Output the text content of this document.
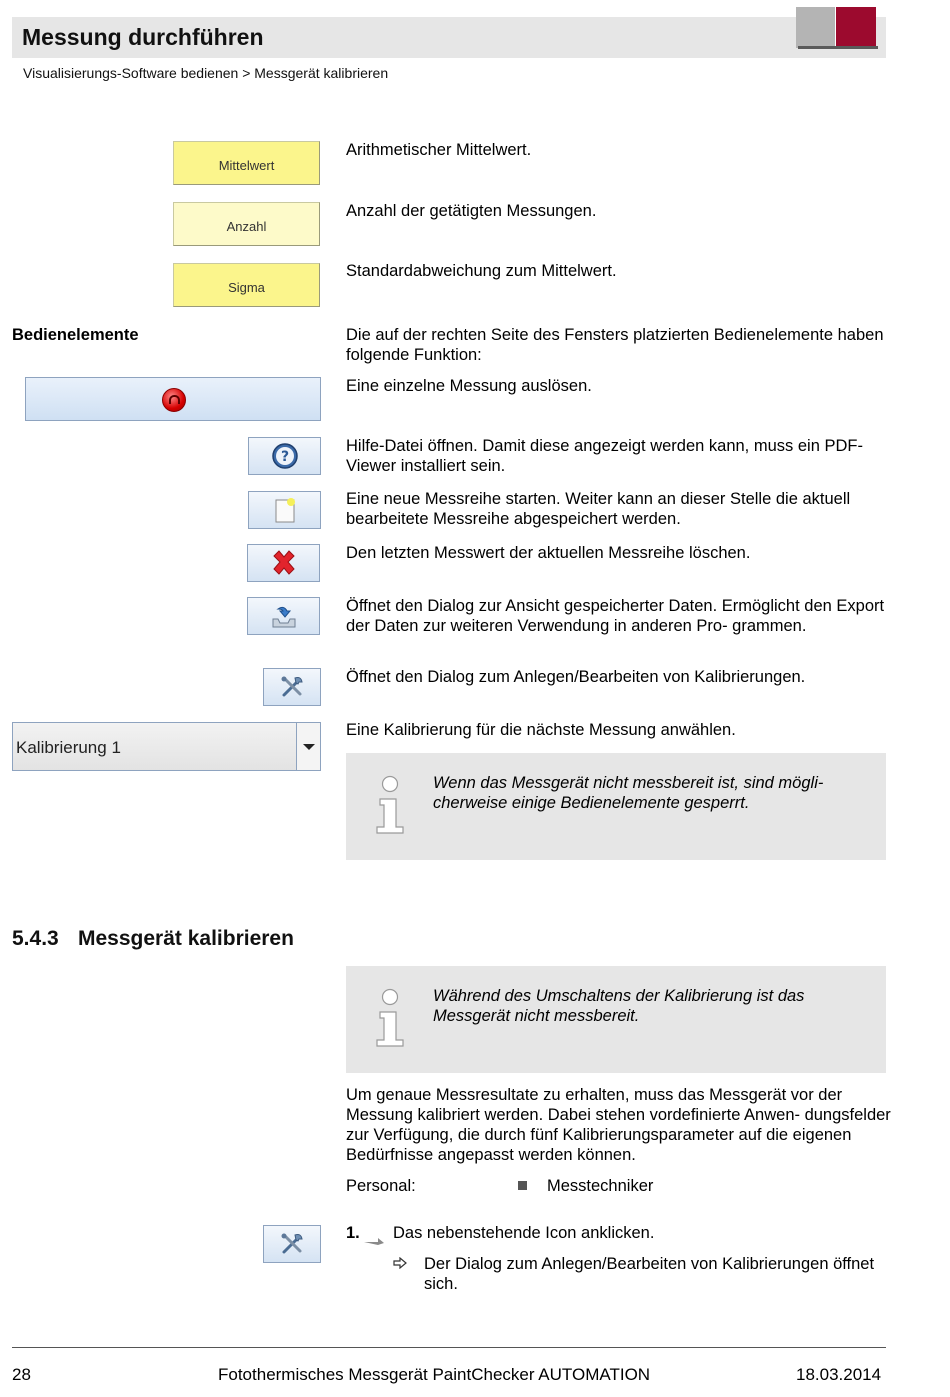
Messung durchführen
Visualisierungs-Software bedienen > Messgerät kalibrieren
Mittelwert
Arithmetischer Mittelwert.
Anzahl
Anzahl der getätigten Messungen.
Sigma
Standardabweichung zum Mittelwert.
Bedienelemente	Die auf der rechten Seite des Fensters platzierten Bedienelemente haben folgende Funktion:
Eine einzelne Messung auslösen.
?
Hilfe-Datei öffnen. Damit diese angezeigt werden kann, muss ein PDF-Viewer installiert sein.
Eine neue Messreihe starten. Weiter kann an dieser Stelle die aktuell bearbeitete Messreihe abgespeichert werden.
Den letzten Messwert der aktuellen Messreihe löschen.
Öffnet den Dialog zur Ansicht gespeicherter Daten. Ermöglicht den Export der Daten zur weiteren Verwendung in anderen Pro- grammen.
Öffnet den Dialog zum Anlegen/Bearbeiten von Kalibrierungen.
Kalibrierung 1
Eine Kalibrierung für die nächste Messung anwählen.
Wenn das Messgerät nicht messbereit ist, sind mögli- cherweise einige Bedienelemente gesperrt.
5.4.3 Messgerät kalibrieren
Während des Umschaltens der Kalibrierung ist das Messgerät nicht messbereit.
Um genaue Messresultate zu erhalten, muss das Messgerät vor der Messung kalibriert werden. Dabei stehen vordefinierte Anwen- dungsfelder zur Verfügung, die durch fünf Kalibrierungsparameter auf die eigenen Bedürfnisse angepasst werden können.
Personal:	Messtechniker
1. Das nebenstehende Icon anklicken.
Der Dialog zum Anlegen/Bearbeiten von Kalibrierungen öffnet sich.
28	Fotothermisches Messgerät PaintChecker AUTOMATION	18.03.2014
